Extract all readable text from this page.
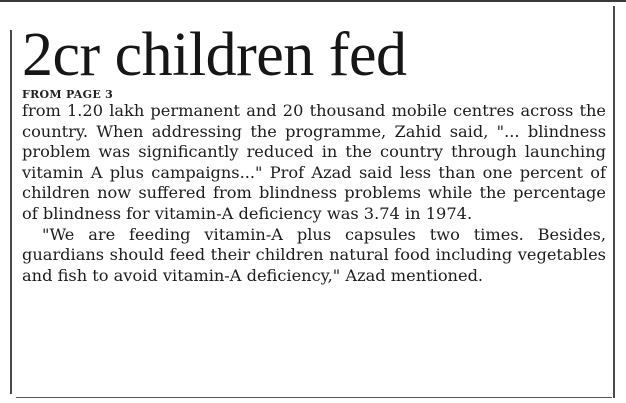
2cr children fed
FROM PAGE 3

from 1.20 lakh permanent and 20 thousand mobile centres across the country. When addressing the programme, Zahid said, "... blindness problem was significantly reduced in the country through launching vitamin A plus campaigns..." Prof Azad said less than one percent of children now suffered from blindness problems while the percentage of blindness for vitamin-A deficiency was 3.74 in 1974.

"We are feeding vitamin-A plus capsules two times. Besides, guardians should feed their children natural food including vegetables and fish to avoid vitamin-A deficiency," Azad mentioned.
